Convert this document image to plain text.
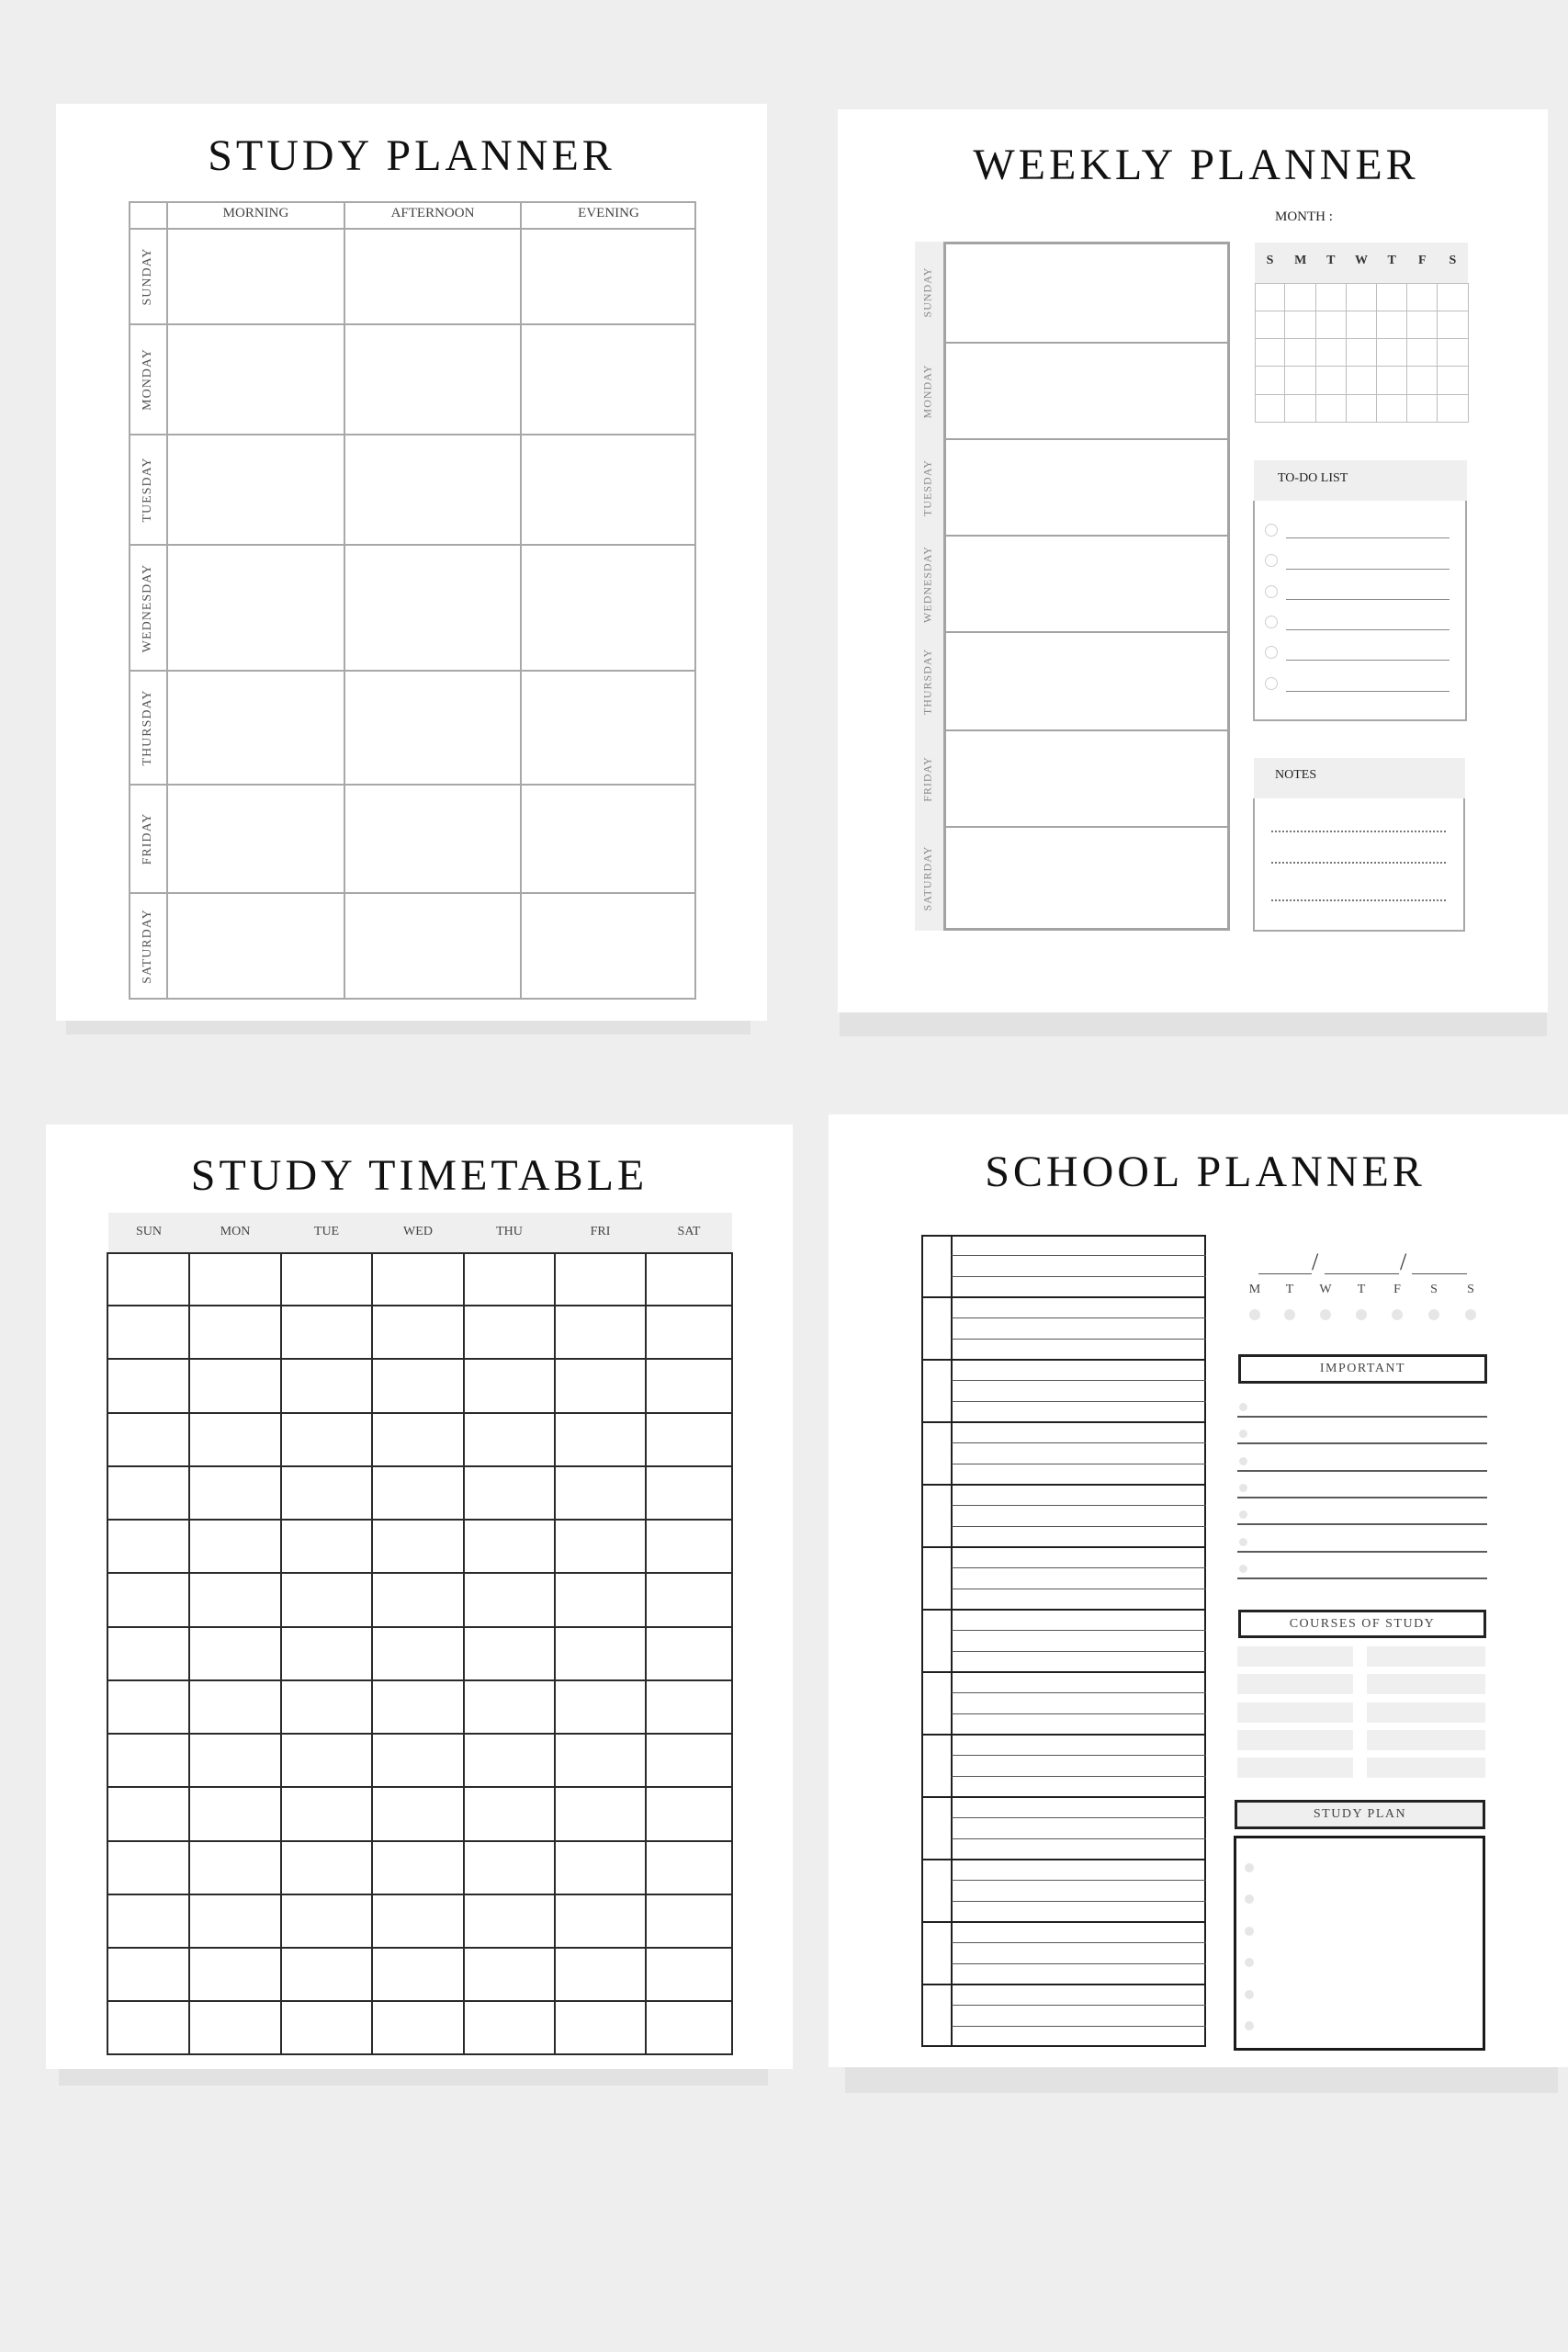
STUDY PLANNER
MORNING	AFTERNOON	EVENING
SUNDAY
MONDAY
TUESDAY
WEDNESDAY
THURSDAY
FRIDAY
SATURDAY
WEEKLY PLANNER
MONTH :
SUNDAY
MONDAY
TUESDAY
WEDNESDAY
THURSDAY
FRIDAY
SATURDAY
S	M	T	W	T	F	S
TO-DO LIST
NOTES
STUDY TIMETABLE
SUN	MON	TUE	WED	THU	FRI	SAT
SCHOOL PLANNER
/	/
M	T	W	T	F	S	S
IMPORTANT
COURSES OF STUDY
STUDY PLAN
